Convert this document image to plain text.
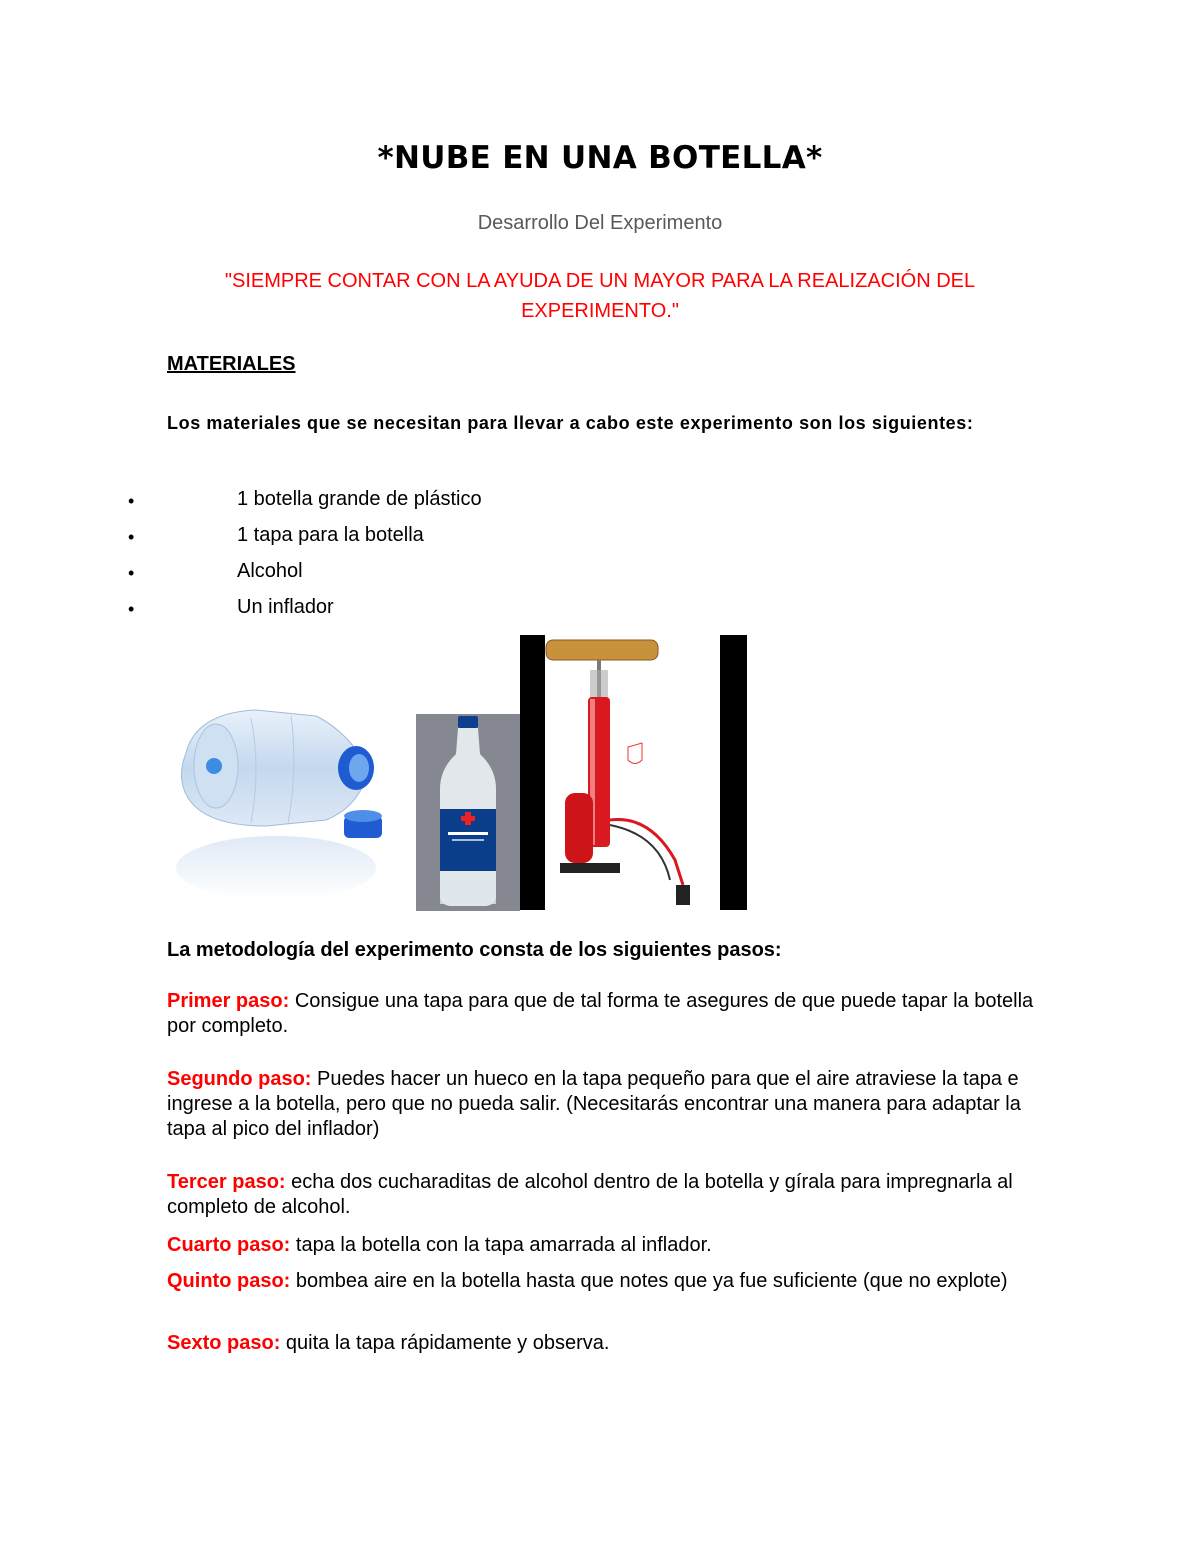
*NUBE EN UNA BOTELLA*
Desarrollo Del Experimento
"SIEMPRE CONTAR CON LA AYUDA DE UN MAYOR PARA LA REALIZACIÓN DEL EXPERIMENTO."
MATERIALES
Los materiales que se necesitan para llevar a cabo este experimento son los siguientes:
•	1 botella grande de plástico
•	1 tapa para la botella
•	Alcohol
•	Un inflador
La metodología del experimento consta de los siguientes pasos:
Primer paso: Consigue una tapa para que de tal forma te asegures de que puede tapar la botella por completo.
Segundo paso: Puedes hacer un hueco en la tapa pequeño para que el aire atraviese la tapa e ingrese a la botella, pero que no pueda salir. (Necesitarás encontrar una manera para adaptar la tapa al pico del inflador)
Tercer paso: echa dos cucharaditas de alcohol dentro de la botella y gírala para impregnarla al completo de alcohol.
Cuarto paso: tapa la botella con la tapa amarrada al inflador.
Quinto paso: bombea aire en la botella hasta que notes que ya fue suficiente (que no explote)
Sexto paso: quita la tapa rápidamente y observa.
